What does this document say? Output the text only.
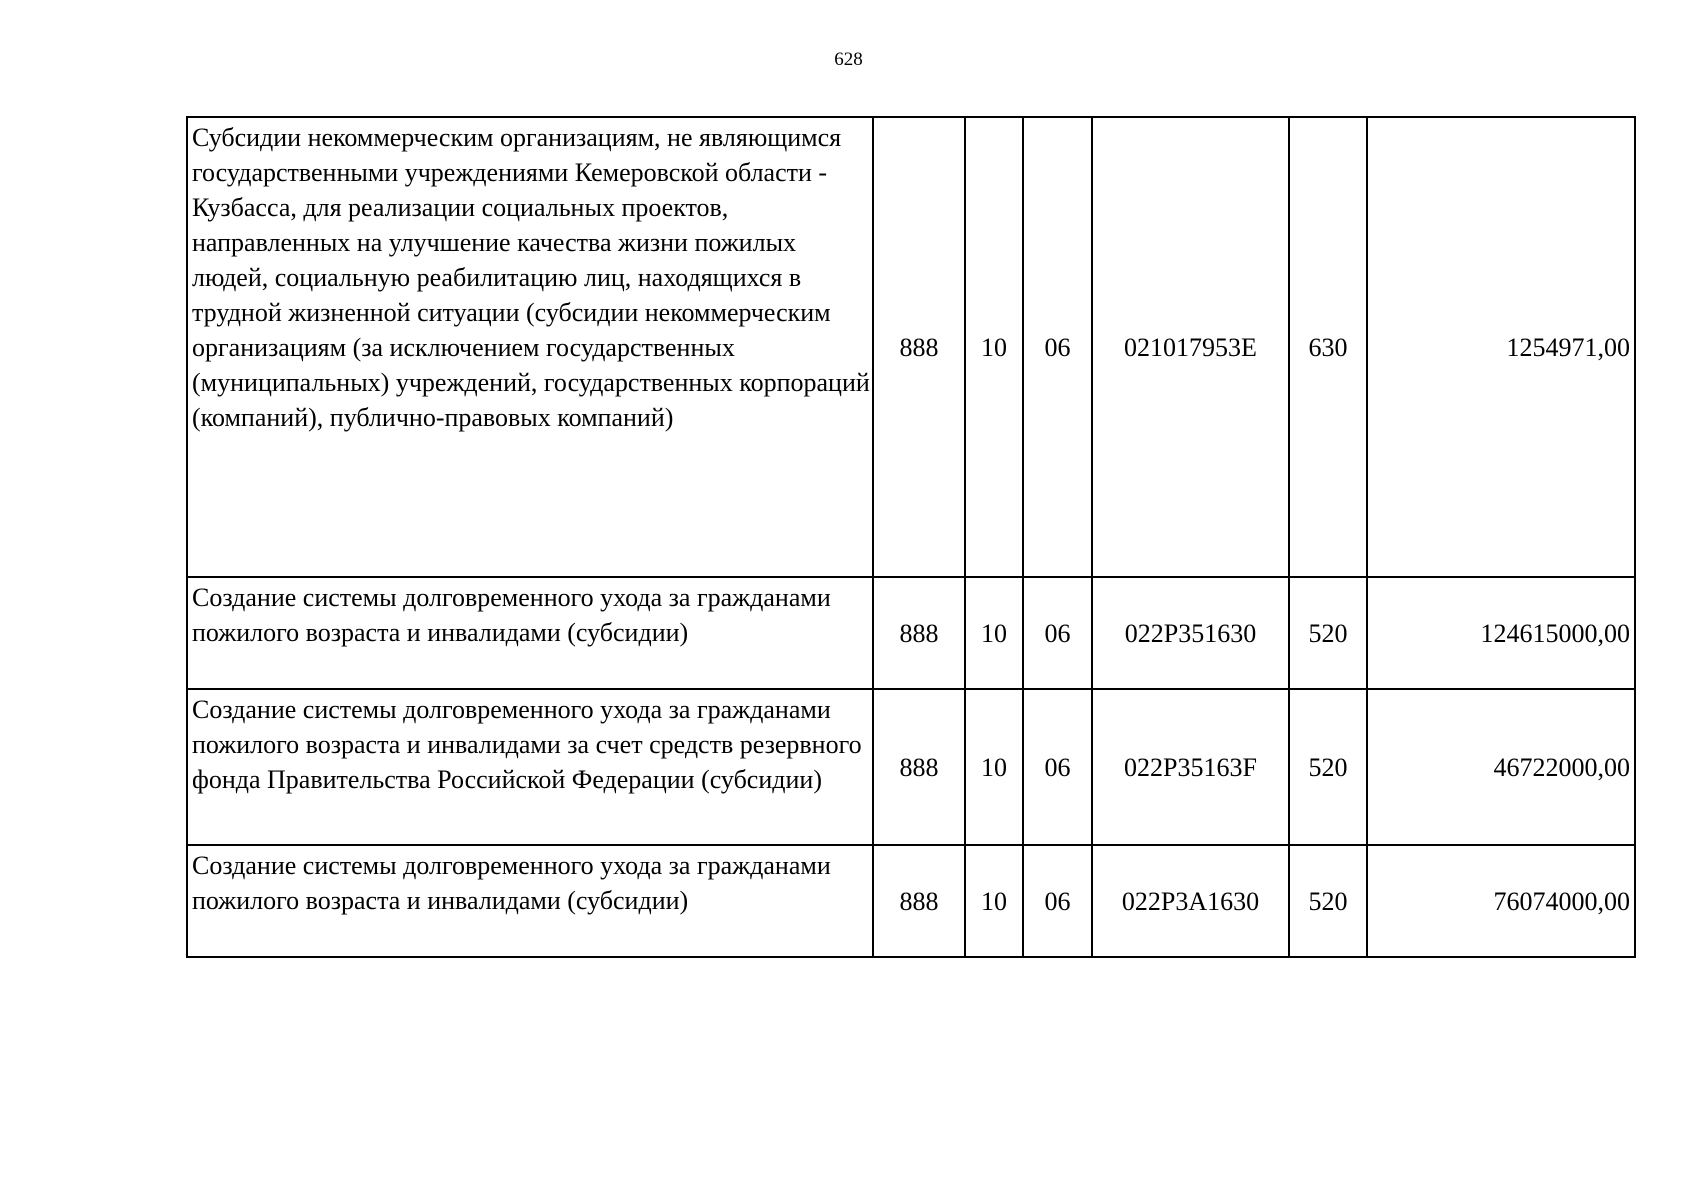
628
Субсидии некоммерческим организациям, не являющимся государственными учреждениями Кемеровской области - Кузбасса, для реализации социальных проектов, направленных на улучшение качества жизни пожилых людей, социальную реабилитацию лиц, находящихся в трудной жизненной ситуации (субсидии некоммерческим организациям (за исключением государственных (муниципальных) учреждений, государственных корпораций (компаний), публично-правовых компаний)	888	10	06	021017953Е	630	1254971,00
Создание системы долговременного ухода за гражданами пожилого возраста и инвалидами (субсидии)	888	10	06	022P351630	520	124615000,00
Создание системы долговременного ухода за гражданами пожилого возраста и инвалидами за счет средств резервного фонда Правительства Российской Федерации (субсидии)	888	10	06	022P35163F	520	46722000,00
Создание системы долговременного ухода за гражданами пожилого возраста и инвалидами (субсидии)	888	10	06	022P3A1630	520	76074000,00
